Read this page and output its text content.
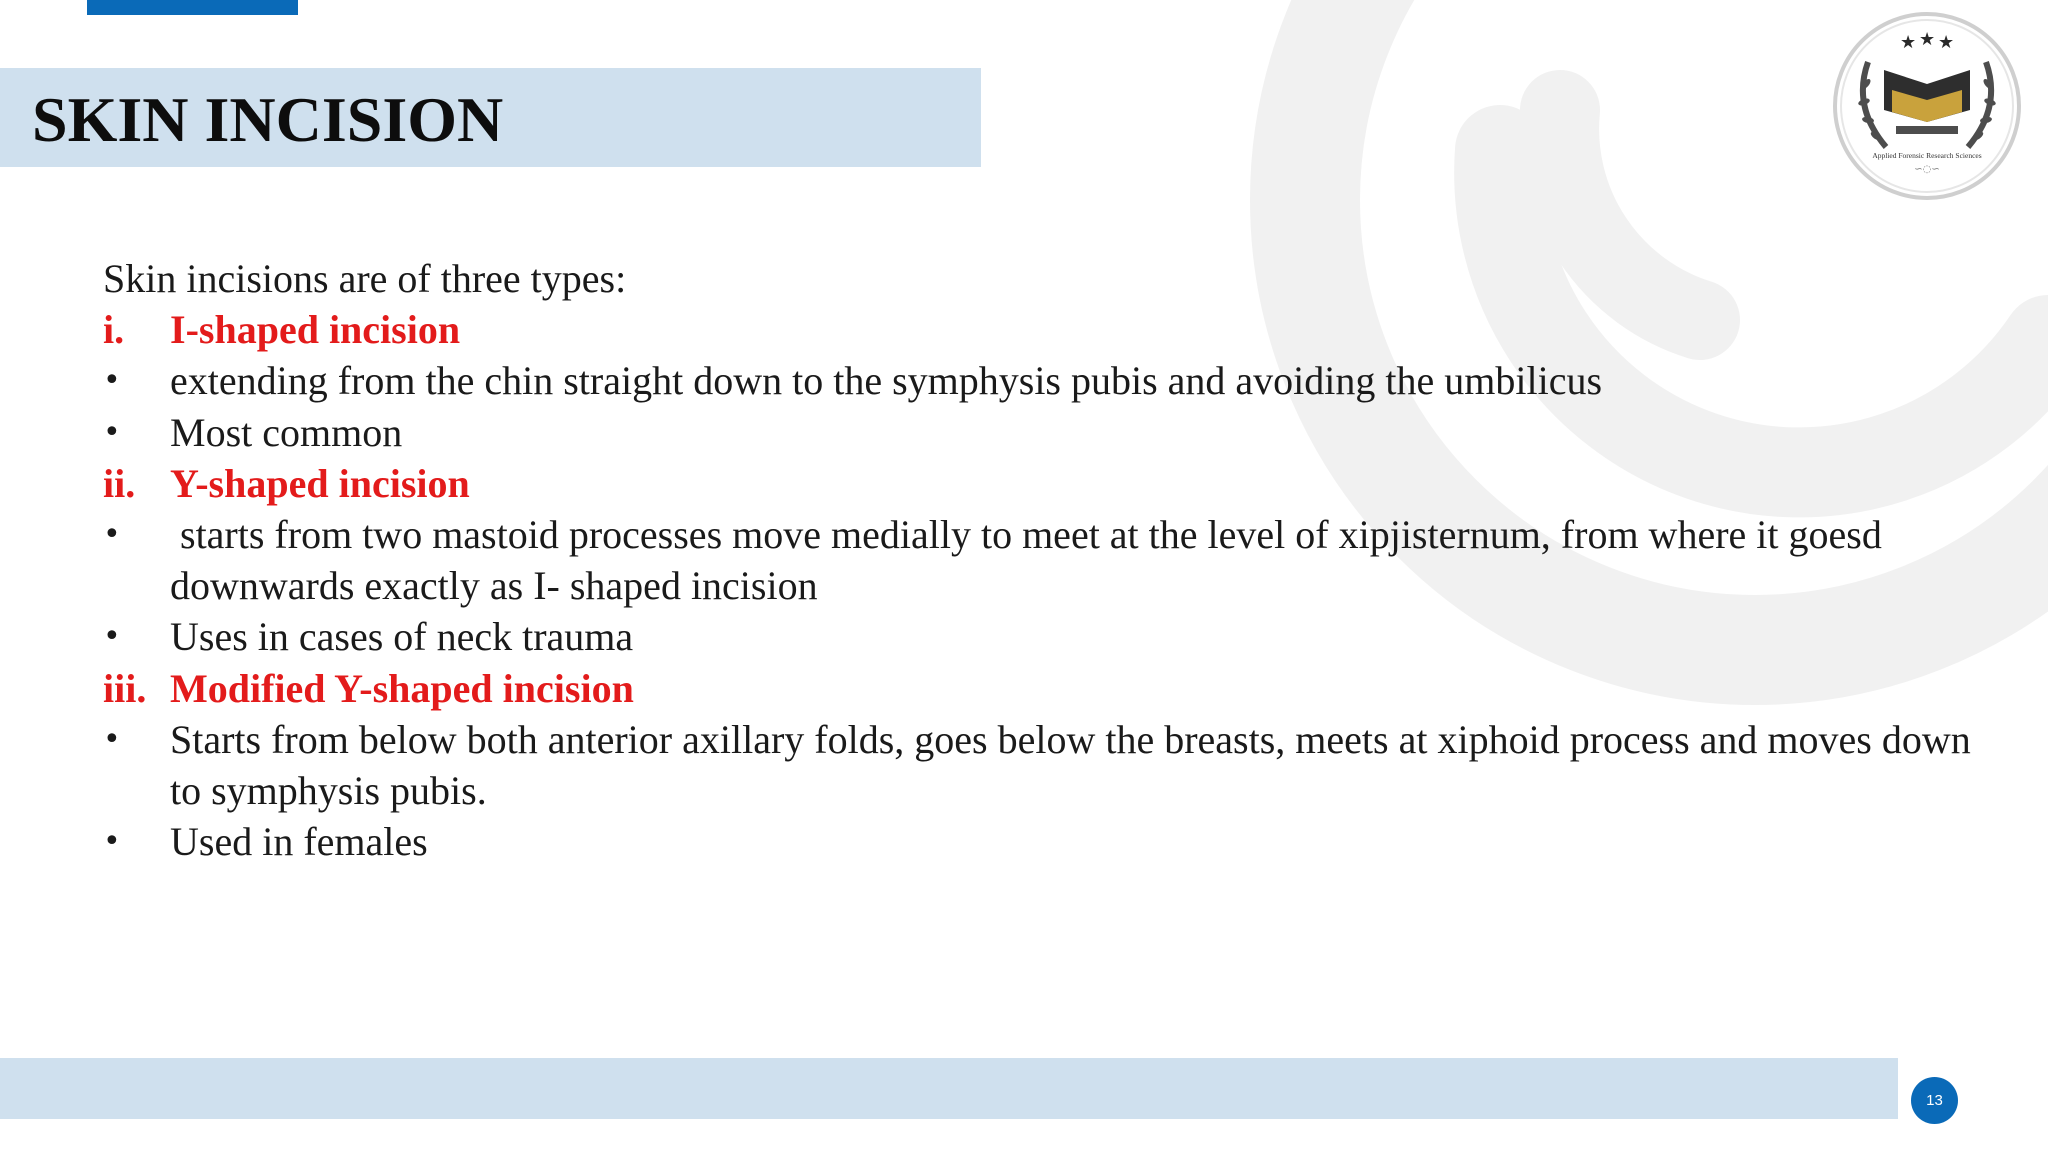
SKIN INCISION
★ ★ ★
Applied Forensic Research Sciences
∽◌∽
Skin incisions are of three types:
i. I-shaped incision
• extending from the chin straight down to the symphysis pubis and avoiding the umbilicus
• Most common
ii. Y-shaped incision
• starts from two mastoid processes move medially to meet at the level of xipjisternum, from where it goesd downwards exactly as I- shaped incision
• Uses in cases of neck trauma
iii. Modified Y-shaped incision
• Starts from below both anterior axillary folds, goes below the breasts, meets at xiphoid process and moves down to symphysis pubis.
• Used in females
13
